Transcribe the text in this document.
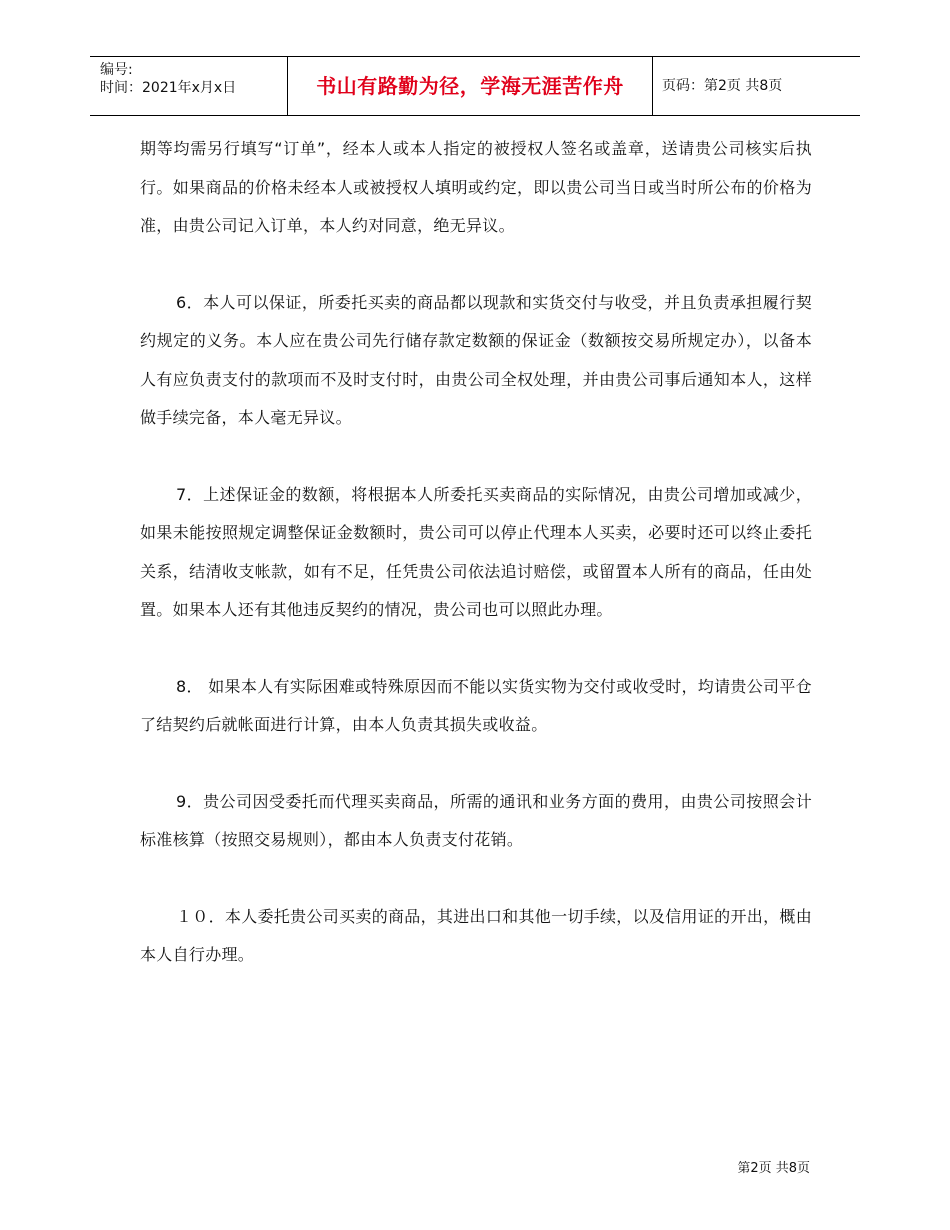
编号:
时间：2021年x月x日	书山有路勤为径，学海无涯苦作舟	页码：第2页 共8页

期等均需另行填写“订单”，经本人或本人指定的被授权人签名或盖章，送请贵公司核实后执行。如果商品的价格未经本人或被授权人填明或约定，即以贵公司当日或当时所公布的价格为准，由贵公司记入订单，本人约对同意，绝无异议。

6．本人可以保证，所委托买卖的商品都以现款和实货交付与收受，并且负责承担履行契约规定的义务。本人应在贵公司先行储存款定数额的保证金（数额按交易所规定办），以备本人有应负责支付的款项而不及时支付时，由贵公司全权处理，并由贵公司事后通知本人，这样做手续完备，本人毫无异议。

7．上述保证金的数额，将根据本人所委托买卖商品的实际情况，由贵公司增加或减少，如果未能按照规定调整保证金数额时，贵公司可以停止代理本人买卖，必要时还可以终止委托关系，结清收支帐款，如有不足，任凭贵公司依法追讨赔偿，或留置本人所有的商品，任由处置。如果本人还有其他违反契约的情况，贵公司也可以照此办理。

8． 如果本人有实际困难或特殊原因而不能以实货实物为交付或收受时，均请贵公司平仓了结契约后就帐面进行计算，由本人负责其损失或收益。

9．贵公司因受委托而代理买卖商品，所需的通讯和业务方面的费用，由贵公司按照会计标准核算（按照交易规则），都由本人负责支付花销。

１０．本人委托贵公司买卖的商品，其进出口和其他一切手续，以及信用证的开出，概由本人自行办理。

第2页 共8页
